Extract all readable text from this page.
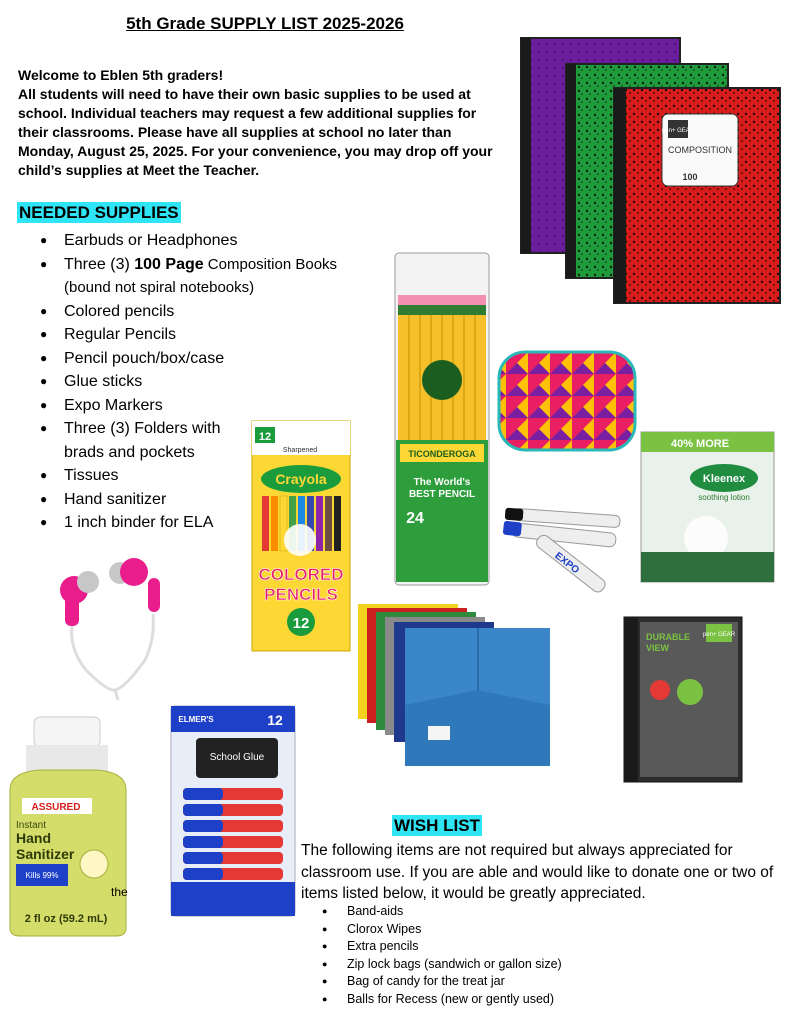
5th Grade SUPPLY LIST 2025-2026

Welcome to Eblen 5th graders!

All students will need to have their own basic supplies to be used at school. Individual teachers may request a few additional supplies for their classrooms. Please have all supplies at school no later than Monday, August 25, 2025. For your convenience, you may drop off your child’s supplies at Meet the Teacher.

NEEDED SUPPLIES
● Earbuds or Headphones
● Three (3) 100 Page Composition Books (bound not spiral notebooks)
● Colored pencils
● Regular Pencils
● Pencil pouch/box/case
● Glue sticks
● Expo Markers
● Three (3) Folders with brads and pockets
● Tissues
● Hand sanitizer
● 1 inch binder for ELA
pen+ GEAR
COMPOSITION
100
TICONDEROGA
The World's
BEST PENCIL
24
40% MORE
Kleenex
soothing lotion
12
Sharpened
Crayola
COLORED
PENCILS
12
EXPO
DURABLE
VIEW
pen+ GEAR
ELMER'S	12
School Glue
ASSURED
Instant
Hand
Sanitizer
Kills 99%
2 fl oz (59.2 mL)
the
WISH LIST
The following items are not required but always appreciated for classroom use. If you are able and would like to donate one or two of items listed below, it would be greatly appreciated.
● Band-aids
● Clorox Wipes
● Extra pencils
● Zip lock bags (sandwich or gallon size)
● Bag of candy for the treat jar
● Balls for Recess (new or gently used)
